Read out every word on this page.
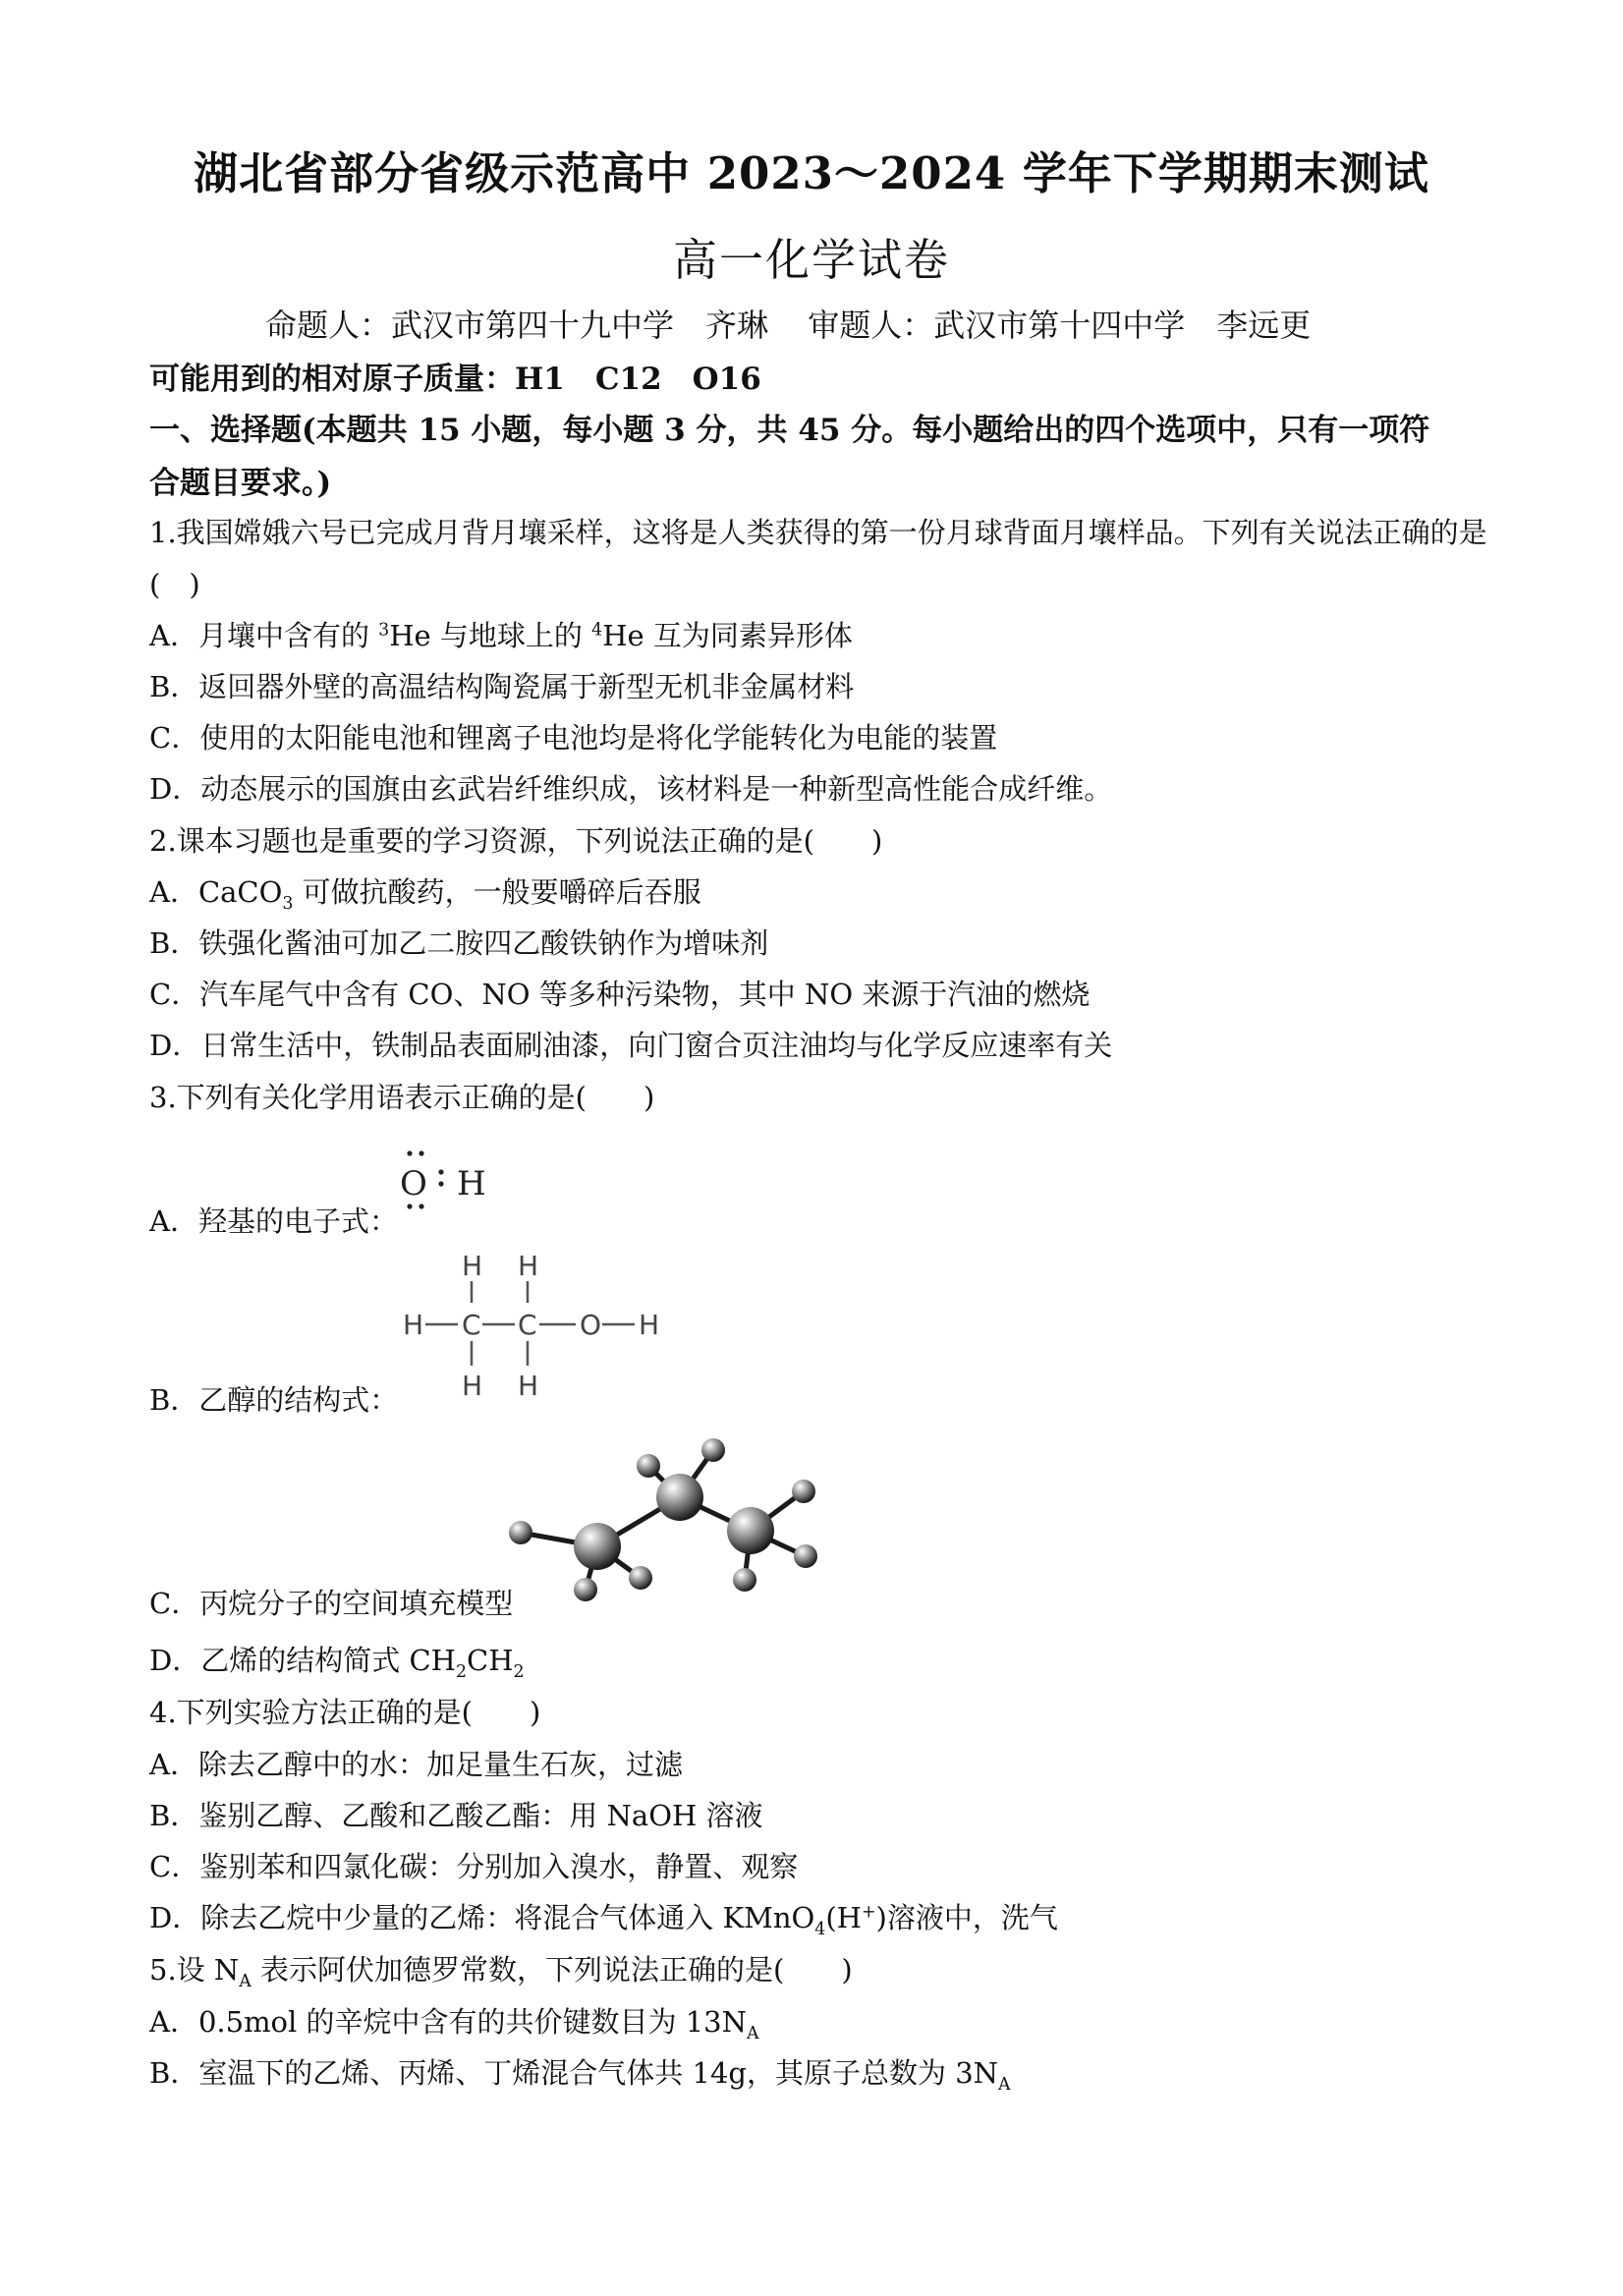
湖北省部分省级示范高中 2023～2024 学年下学期期末测试
高一化学试卷
命题人：武汉市第四十九中学　齐琳 审题人：武汉市第十四中学　李远更
可能用到的相对原子质量：H1　C12　O16
一、选择题(本题共 15 小题，每小题 3 分，共 45 分。每小题给出的四个选项中，只有一项符
合题目要求。)
1.我国嫦娥六号已完成月背月壤采样，这将是人类获得的第一份月球背面月壤样品。下列有关说法正确的是
(　)
A．月壤中含有的 $^3$He 与地球上的 $^4$He 互为同素异形体
B．返回器外壁的高温结构陶瓷属于新型无机非金属材料
C．使用的太阳能电池和锂离子电池均是将化学能转化为电能的装置
D．动态展示的国旗由玄武岩纤维织成，该材料是一种新型高性能合成纤维。
2.课本习题也是重要的学习资源，下列说法正确的是(　　)
A．CaCO$_3$ 可做抗酸药，一般要嚼碎后吞服
B．铁强化酱油可加乙二胺四乙酸铁钠作为增味剂
C．汽车尾气中含有 CO、NO 等多种污染物，其中 NO 来源于汽油的燃烧
D．日常生活中，铁制品表面刷油漆，向门窗合页注油均与化学反应速率有关
3.下列有关化学用语表示正确的是(　　)
A．羟基的电子式：
O H
B．乙醇的结构式：
H H
H C C O H
H H
C．丙烷分子的空间填充模型
D．乙烯的结构简式 $CH_2CH_2$
4.下列实验方法正确的是(　　)
A．除去乙醇中的水：加足量生石灰，过滤
B．鉴别乙醇、乙酸和乙酸乙酯：用 NaOH 溶液
C．鉴别苯和四氯化碳：分别加入溴水，静置、观察
D．除去乙烷中少量的乙烯：将混合气体通入 KMnO$_4$(H+)溶液中，洗气
5.设 $N_A$ 表示阿伏加德罗常数，下列说法正确的是(　　)
A．0.5mol 的辛烷中含有的共价键数目为 $13N_A$
B．室温下的乙烯、丙烯、丁烯混合气体共 14g，其原子总数为 $3N_A$
